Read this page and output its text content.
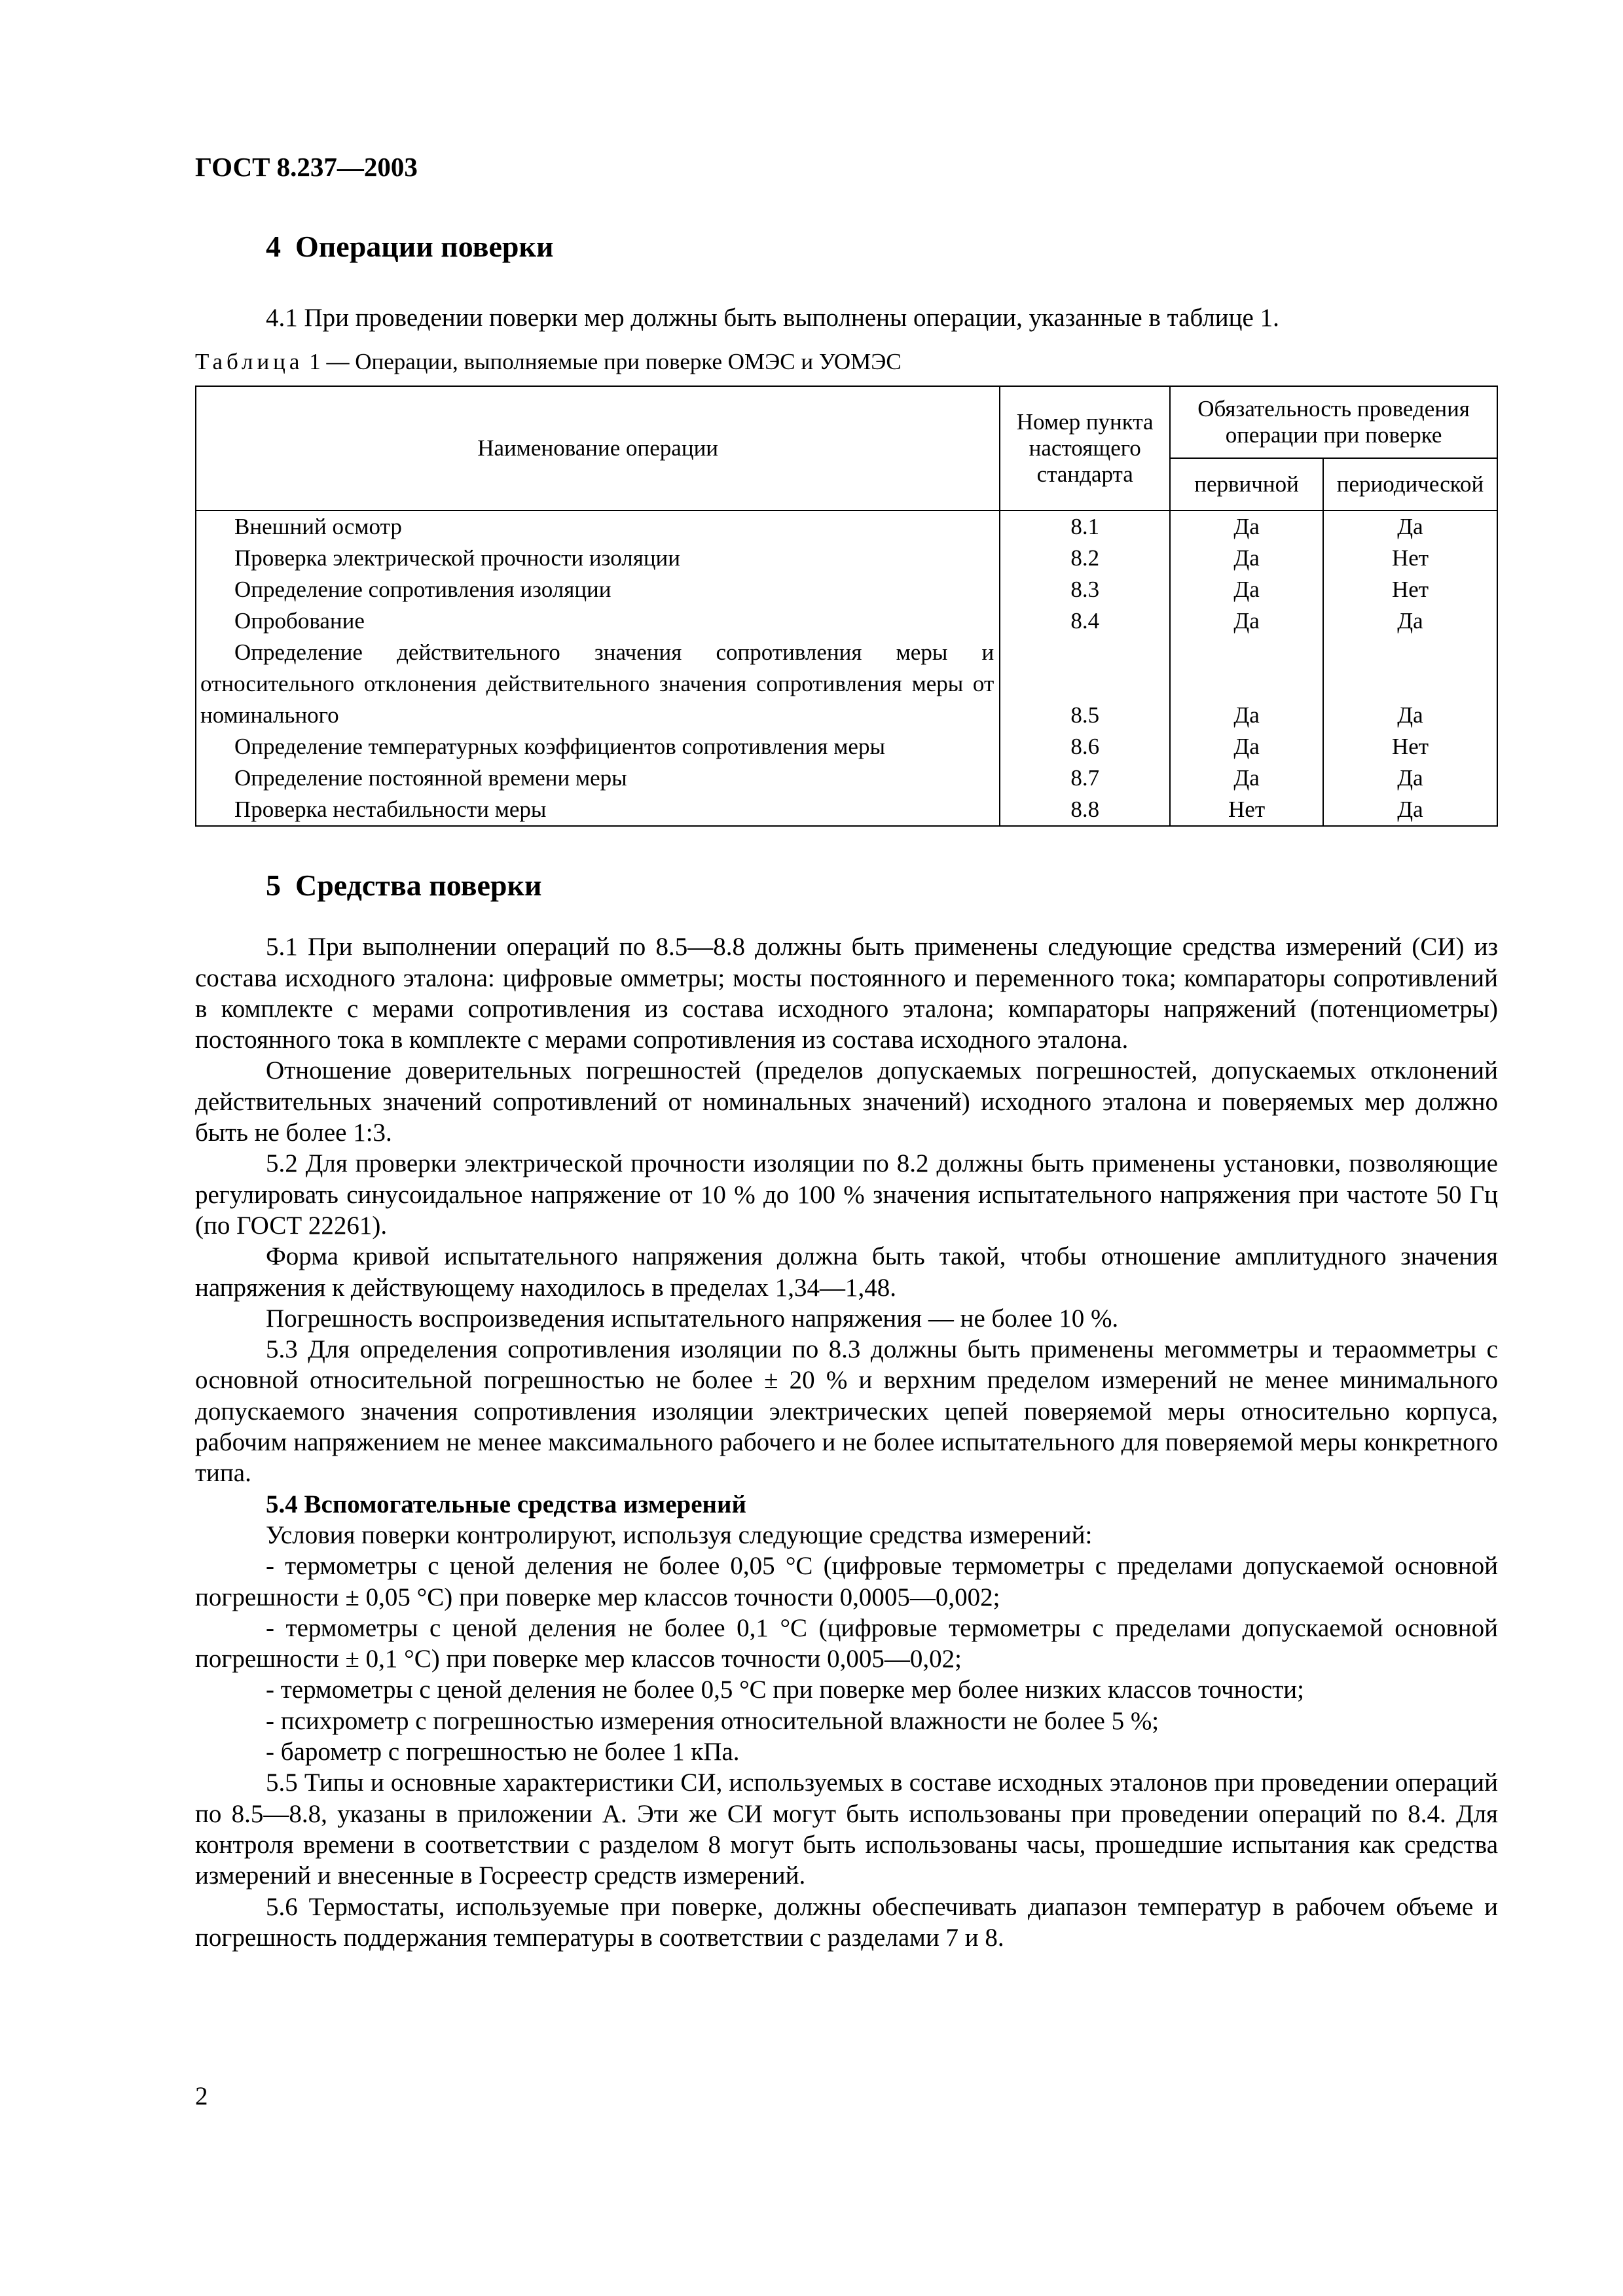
ГОСТ 8.237—2003
4 Операции поверки

4.1 При проведении поверки мер должны быть выполнены операции, указанные в таблице 1.

Таблица 1 — Операции, выполняемые при поверке ОМЭС и УОМЭС
Наименование операции	Номер пункта настоящего стандарта	Обязательность проведения операции при поверке	
		первичной	периодической
Внешний осмотр	8.1	Да	Да
Проверка электрической прочности изоляции	8.2	Да	Нет
Определение сопротивления изоляции	8.3	Да	Нет
Опробование	8.4	Да	Да
Определение действительного значения сопротивления меры и относительного отклонения действительного значения сопротивления меры от номинального	8.5	Да	Да
Определение температурных коэффициентов сопротивления меры	8.6	Да	Нет
Определение постоянной времени меры	8.7	Да	Да
Проверка нестабильности меры	8.8	Нет	Да
5 Средства поверки

5.1 При выполнении операций по 8.5—8.8 должны быть применены следующие средства измерений (СИ) из состава исходного эталона: цифровые омметры; мосты постоянного и переменного тока; компараторы сопротивлений в комплекте с мерами сопротивления из состава исходного эталона; компараторы напряжений (потенциометры) постоянного тока в комплекте с мерами сопротивления из состава исходного эталона.

Отношение доверительных погрешностей (пределов допускаемых погрешностей, допускаемых отклонений действительных значений сопротивлений от номинальных значений) исходного эталона и поверяемых мер должно быть не более 1:3.

5.2 Для проверки электрической прочности изоляции по 8.2 должны быть применены установки, позволяющие регулировать синусоидальное напряжение от 10 % до 100 % значения испытательного напряжения при частоте 50 Гц (по ГОСТ 22261).

Форма кривой испытательного напряжения должна быть такой, чтобы отношение амплитудного значения напряжения к действующему находилось в пределах 1,34—1,48.

Погрешность воспроизведения испытательного напряжения — не более 10 %.

5.3 Для определения сопротивления изоляции по 8.3 должны быть применены мегомметры и тераомметры с основной относительной погрешностью не более ± 20 % и верхним пределом измерений не менее минимального допускаемого значения сопротивления изоляции электрических цепей поверяемой меры относительно корпуса, рабочим напряжением не менее максимального рабочего и не более испытательного для поверяемой меры конкретного типа.

5.4 Вспомогательные средства измерений

Условия поверки контролируют, используя следующие средства измерений:

- термометры с ценой деления не более 0,05 °С (цифровые термометры с пределами допускаемой основной погрешности ± 0,05 °С) при поверке мер классов точности 0,0005—0,002;
- термометры с ценой деления не более 0,1 °С (цифровые термометры с пределами допускаемой основной погрешности ± 0,1 °С) при поверке мер классов точности 0,005—0,02;
- термометры с ценой деления не более 0,5 °С при поверке мер более низких классов точности;
- психрометр с погрешностью измерения относительной влажности не более 5 %;
- барометр с погрешностью не более 1 кПа.

5.5 Типы и основные характеристики СИ, используемых в составе исходных эталонов при проведении операций по 8.5—8.8, указаны в приложении А. Эти же СИ могут быть использованы при проведении операций по 8.4. Для контроля времени в соответствии с разделом 8 могут быть использованы часы, прошедшие испытания как средства измерений и внесенные в Госреестр средств измерений.

5.6 Термостаты, используемые при поверке, должны обеспечивать диапазон температур в рабочем объеме и погрешность поддержания температуры в соответствии с разделами 7 и 8.

2
